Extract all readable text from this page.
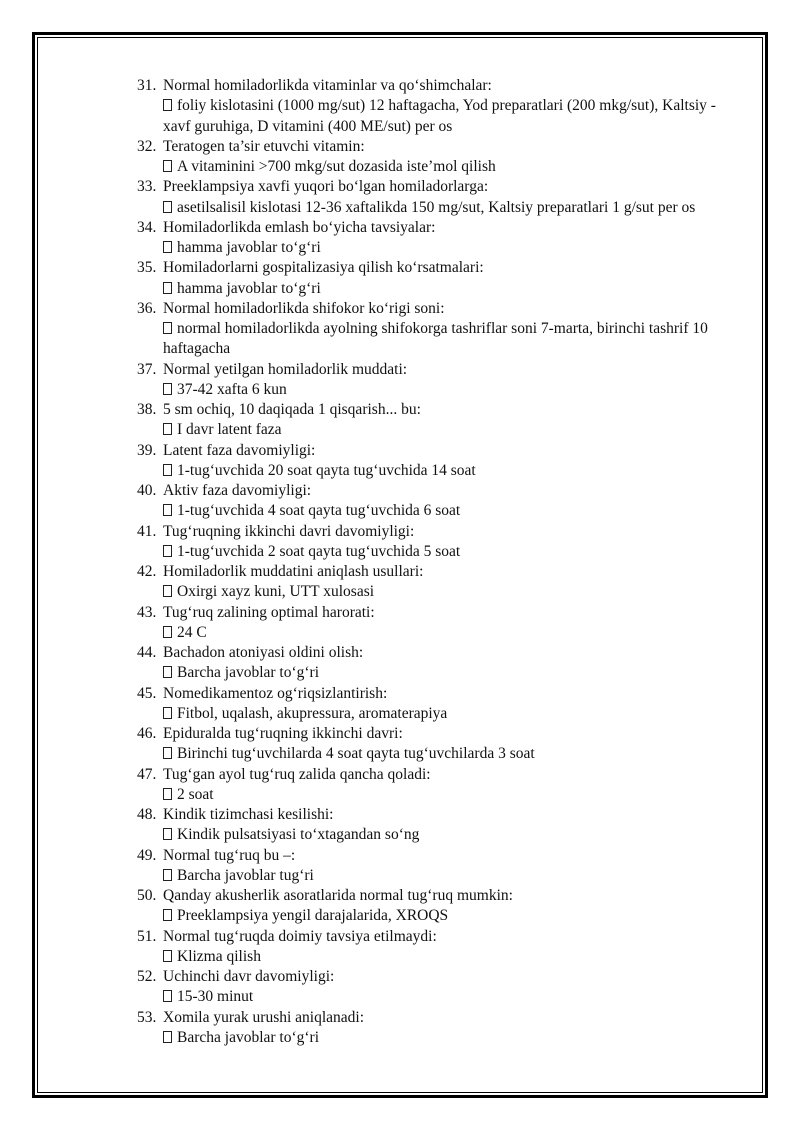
31. Normal homiladorlikda vitaminlar va qo‘shimchalar:
foliy kislotasini (1000 mg/sut) 12 haftagacha, Yod preparatlari (200 mkg/sut), Kaltsiy - xavf guruhiga, D vitamini (400 ME/sut) per os
32. Teratogen ta’sir etuvchi vitamin:
A vitaminini >700 mkg/sut dozasida iste’mol qilish
33. Preeklampsiya xavfi yuqori bo‘lgan homiladorlarga:
asetilsalisil kislotasi 12-36 xaftalikda 150 mg/sut, Kaltsiy preparatlari 1 g/sut per os
34. Homiladorlikda emlash bo‘yicha tavsiyalar:
hamma javoblar to‘g‘ri
35. Homiladorlarni gospitalizasiya qilish ko‘rsatmalari:
hamma javoblar to‘g‘ri
36. Normal homiladorlikda shifokor ko‘rigi soni:
normal homiladorlikda ayolning shifokorga tashriflar soni 7-marta, birinchi tashrif 10 haftagacha
37. Normal yetilgan homiladorlik muddati:
37-42 xafta 6 kun
38. 5 sm ochiq, 10 daqiqada 1 qisqarish... bu:
I davr latent faza
39. Latent faza davomiyligi:
1-tug‘uvchida 20 soat qayta tug‘uvchida 14 soat
40. Aktiv faza davomiyligi:
1-tug‘uvchida 4 soat qayta tug‘uvchida 6 soat
41. Tug‘ruqning ikkinchi davri davomiyligi:
1-tug‘uvchida 2 soat qayta tug‘uvchida 5 soat
42. Homiladorlik muddatini aniqlash usullari:
Oxirgi xayz kuni, UTT xulosasi
43. Tug‘ruq zalining optimal harorati:
24 C
44. Bachadon atoniyasi oldini olish:
Barcha javoblar to‘g‘ri
45. Nomedikamentoz og‘riqsizlantirish:
Fitbol, uqalash, akupressura, aromaterapiya
46. Epiduralda tug‘ruqning ikkinchi davri:
Birinchi tug‘uvchilarda 4 soat qayta tug‘uvchilarda 3 soat
47. Tug‘gan ayol tug‘ruq zalida qancha qoladi:
2 soat
48. Kindik tizimchasi kesilishi:
Kindik pulsatsiyasi to‘xtagandan so‘ng
49. Normal tug‘ruq bu –:
Barcha javoblar tug‘ri
50. Qanday akusherlik asoratlarida normal tug‘ruq mumkin:
Preeklampsiya yengil darajalarida, XROQS
51. Normal tug‘ruqda doimiy tavsiya etilmaydi:
Klizma qilish
52. Uchinchi davr davomiyligi:
15-30 minut
53. Xomila yurak urushi aniqlanadi:
Barcha javoblar to‘g‘ri
